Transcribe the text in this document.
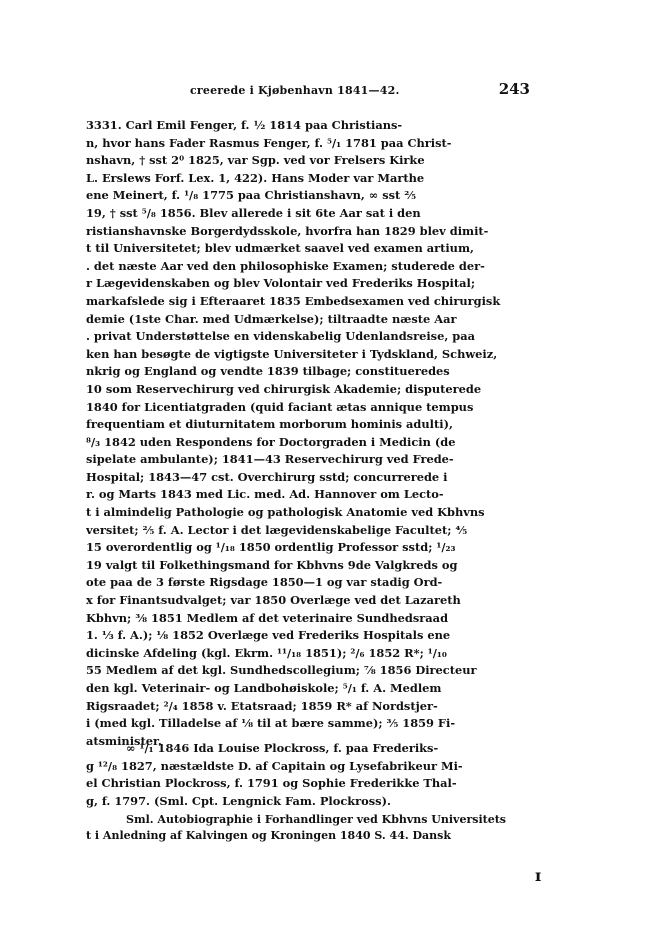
creerede i Kjøbenhavn 1841—42.	243

3331. Carl Emil Fenger, f. ½ 1814 paa Christians-

n, hvor hans Fader Rasmus Fenger, f. ⁵/₁ 1781 paa Christ-

nshavn, † sst 2⁰ 1825, var Sgp. ved vor Frelsers Kirke

L. Erslews Forf. Lex. 1, 422). Hans Moder var Marthe

ene Meinert, f. ¹/₈ 1775 paa Christianshavn, ∞ sst ⅖

19, † sst ⁵/₈ 1856. Blev allerede i sit 6te Aar sat i den

ristianshavnske Borgerdydsskole, hvorfra han 1829 blev dimit-

t til Universitetet; blev udmærket saavel ved examen artium,

. det næste Aar ved den philosophiske Examen; studerede der-

r Lægevidenskaben og blev Volontair ved Frederiks Hospital;

markafslede sig i Efteraaret 1835 Embedsexamen ved chirurgisk

demie (1ste Char. med Udmærkelse); tiltraadte næste Aar

. privat Understøttelse en videnskabelig Udenlandsreise, paa

ken han besøgte de vigtigste Universiteter i Tydskland, Schweiz,

nkrig og England og vendte 1839 tilbage; constitueredes

10 som Reservechirurg ved chirurgisk Akademie; disputerede

1840 for Licentiatgraden (quid faciant ætas annique tempus

frequentiam et diuturnitatem morborum hominis adulti),

⁸/₃ 1842 uden Respondens for Doctorgraden i Medicin (de

sipelate ambulante); 1841—43 Reservechirurg ved Frede-

Hospital; 1843—47 cst. Overchirurg sstd; concurrerede i

r. og Marts 1843 med Lic. med. Ad. Hannover om Lecto-

t i almindelig Pathologie og pathologisk Anatomie ved Kbhvns

versitet; ⅖ f. A. Lector i det lægevidenskabelige Facultet; ⅘

15 overordentlig og ¹/₁₈ 1850 ordentlig Professor sstd; ¹/₂₃

19 valgt til Folkethingsmand for Kbhvns 9de Valgkreds og

ote paa de 3 første Rigsdage 1850—1 og var stadig Ord-

x for Finantsudvalget; var 1850 Overlæge ved det Lazareth

Kbhvn; ⅜ 1851 Medlem af det veterinaire Sundhedsraad

1. ⅓ f. A.); ⅛ 1852 Overlæge ved Frederiks Hospitals ene

dicinske Afdeling (kgl. Ekrm. ¹¹/₁₈ 1851); ²/₆ 1852 R*; ¹/₁₀

55 Medlem af det kgl. Sundhedscollegium; ⅞ 1856 Directeur

den kgl. Veterinair- og Landbohøiskole; ⁵/₁ f. A. Medlem

Rigsraadet; ²/₄ 1858 v. Etatsraad; 1859 R* af Nordstjer-

i (med kgl. Tilladelse af ⅛ til at bære samme); ⅗ 1859 Fi-

atsminister.

∞ ¹/₁ 1846 Ida Louise Plockross, f. paa Frederiks-

g ¹²/₈ 1827, næstældste D. af Capitain og Lysefabrikeur Mi-

el Christian Plockross, f. 1791 og Sophie Frederikke Thal-

g, f. 1797. (Sml. Cpt. Lengnick Fam. Plockross).

Sml. Autobiographie i Forhandlinger ved Kbhvns Universitets

t i Anledning af Kalvingen og Kroningen 1840 S. 44. Dansk

ɪ
